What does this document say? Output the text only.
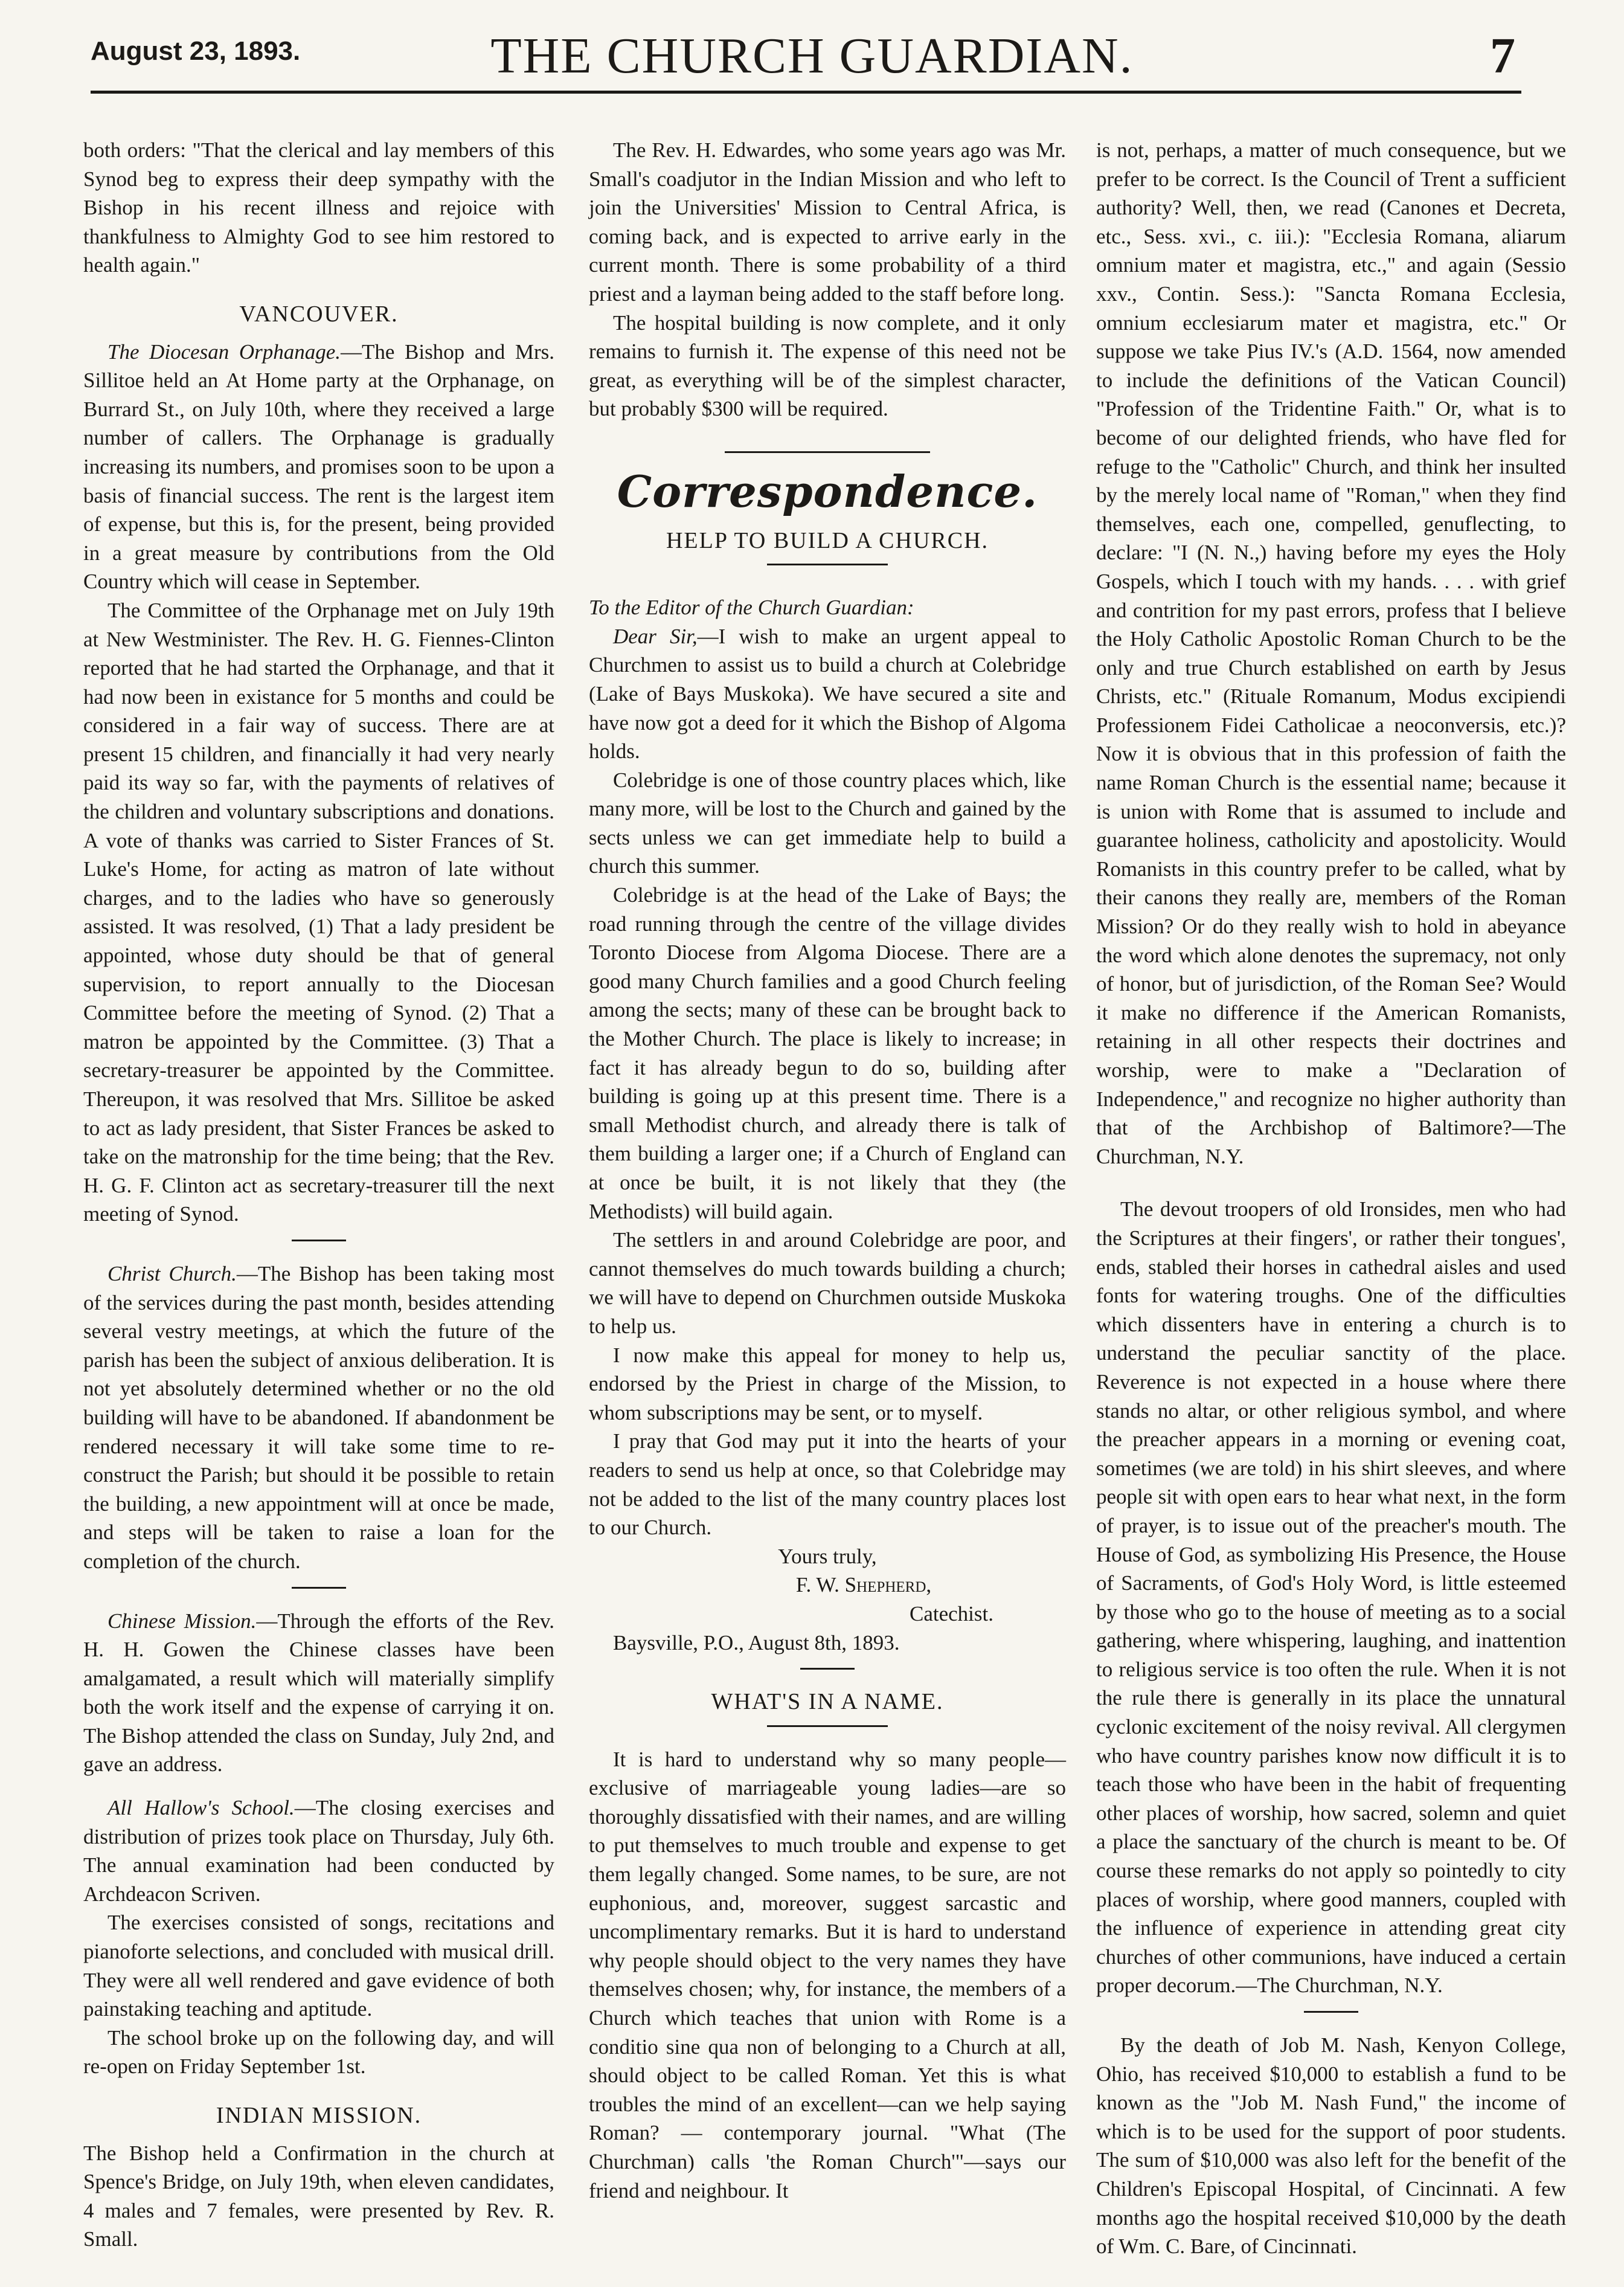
August 23, 1893.	THE CHURCH GUARDIAN.	7

both orders: "That the clerical and lay members of this Synod beg to express their deep sympathy with the Bishop in his recent illness and rejoice with thankfulness to Almighty God to see him restored to health again."

VANCOUVER.

The Diocesan Orphanage.—The Bishop and Mrs. Sillitoe held an At Home party at the Orphanage, on Burrard St., on July 10th, where they received a large number of callers. The Orphanage is gradually increasing its numbers, and promises soon to be upon a basis of financial success. The rent is the largest item of expense, but this is, for the present, being provided in a great measure by contributions from the Old Country which will cease in September.

The Committee of the Orphanage met on July 19th at New Westminister. The Rev. H. G. Fiennes-Clinton reported that he had started the Orphanage, and that it had now been in existance for 5 months and could be considered in a fair way of success. There are at present 15 children, and financially it had very nearly paid its way so far, with the payments of relatives of the children and voluntary subscriptions and donations. A vote of thanks was carried to Sister Frances of St. Luke's Home, for acting as matron of late without charges, and to the ladies who have so generously assisted. It was resolved, (1) That a lady president be appointed, whose duty should be that of general supervision, to report annually to the Diocesan Committee before the meeting of Synod. (2) That a matron be appointed by the Committee. (3) That a secretary-treasurer be appointed by the Committee. Thereupon, it was resolved that Mrs. Sillitoe be asked to act as lady president, that Sister Frances be asked to take on the matronship for the time being; that the Rev. H. G. F. Clinton act as secretary-treasurer till the next meeting of Synod.

Christ Church.—The Bishop has been taking most of the services during the past month, besides attending several vestry meetings, at which the future of the parish has been the subject of anxious deliberation. It is not yet absolutely determined whether or no the old building will have to be abandoned. If abandonment be rendered necessary it will take some time to re-construct the Parish; but should it be possible to retain the building, a new appointment will at once be made, and steps will be taken to raise a loan for the completion of the church.

Chinese Mission.—Through the efforts of the Rev. H. H. Gowen the Chinese classes have been amalgamated, a result which will materially simplify both the work itself and the expense of carrying it on. The Bishop attended the class on Sunday, July 2nd, and gave an address.

All Hallow's School.—The closing exercises and distribution of prizes took place on Thursday, July 6th. The annual examination had been conducted by Archdeacon Scriven.

The exercises consisted of songs, recitations and pianoforte selections, and concluded with musical drill. They were all well rendered and gave evidence of both painstaking teaching and aptitude.

The school broke up on the following day, and will re-open on Friday September 1st.

INDIAN MISSION.

The Bishop held a Confirmation in the church at Spence's Bridge, on July 19th, when eleven candidates, 4 males and 7 females, were presented by Rev. R. Small.

The Rev. H. Edwardes, who some years ago was Mr. Small's coadjutor in the Indian Mission and who left to join the Universities' Mission to Central Africa, is coming back, and is expected to arrive early in the current month. There is some probability of a third priest and a layman being added to the staff before long.

The hospital building is now complete, and it only remains to furnish it. The expense of this need not be great, as everything will be of the simplest character, but probably $300 will be required.

Correspondence.
HELP TO BUILD A CHURCH.

To the Editor of the Church Guardian:

Dear Sir,—I wish to make an urgent appeal to Churchmen to assist us to build a church at Colebridge (Lake of Bays Muskoka). We have secured a site and have now got a deed for it which the Bishop of Algoma holds.

Colebridge is one of those country places which, like many more, will be lost to the Church and gained by the sects unless we can get immediate help to build a church this summer.

Colebridge is at the head of the Lake of Bays; the road running through the centre of the village divides Toronto Diocese from Algoma Diocese. There are a good many Church families and a good Church feeling among the sects; many of these can be brought back to the Mother Church. The place is likely to increase; in fact it has already begun to do so, building after building is going up at this present time. There is a small Methodist church, and already there is talk of them building a larger one; if a Church of England can at once be built, it is not likely that they (the Methodists) will build again.

The settlers in and around Colebridge are poor, and cannot themselves do much towards building a church; we will have to depend on Churchmen outside Muskoka to help us.

I now make this appeal for money to help us, endorsed by the Priest in charge of the Mission, to whom subscriptions may be sent, or to myself.

I pray that God may put it into the hearts of your readers to send us help at once, so that Colebridge may not be added to the list of the many country places lost to our Church.

Yours truly,

F. W. Shepherd,

Catechist.

Baysville, P.O., August 8th, 1893.

WHAT'S IN A NAME.

It is hard to understand why so many people—exclusive of marriageable young ladies—are so thoroughly dissatisfied with their names, and are willing to put themselves to much trouble and expense to get them legally changed. Some names, to be sure, are not euphonious, and, moreover, suggest sarcastic and uncomplimentary remarks. But it is hard to understand why people should object to the very names they have themselves chosen; why, for instance, the members of a Church which teaches that union with Rome is a conditio sine qua non of belonging to a Church at all, should object to be called Roman. Yet this is what troubles the mind of an excellent—can we help saying Roman? — contemporary journal. "What (The Churchman) calls 'the Roman Church'"—says our friend and neighbour. It

is not, perhaps, a matter of much consequence, but we prefer to be correct. Is the Council of Trent a sufficient authority? Well, then, we read (Canones et Decreta, etc., Sess. xvi., c. iii.): "Ecclesia Romana, aliarum omnium mater et magistra, etc.," and again (Sessio xxv., Contin. Sess.): "Sancta Romana Ecclesia, omnium ecclesiarum mater et magistra, etc." Or suppose we take Pius IV.'s (A.D. 1564, now amended to include the definitions of the Vatican Council) "Profession of the Tridentine Faith." Or, what is to become of our delighted friends, who have fled for refuge to the "Catholic" Church, and think her insulted by the merely local name of "Roman," when they find themselves, each one, compelled, genuflecting, to declare: "I (N. N.,) having before my eyes the Holy Gospels, which I touch with my hands. . . . with grief and contrition for my past errors, profess that I believe the Holy Catholic Apostolic Roman Church to be the only and true Church established on earth by Jesus Christs, etc." (Rituale Romanum, Modus excipiendi Professionem Fidei Catholicae a neoconversis, etc.)? Now it is obvious that in this profession of faith the name Roman Church is the essential name; because it is union with Rome that is assumed to include and guarantee holiness, catholicity and apostolicity. Would Romanists in this country prefer to be called, what by their canons they really are, members of the Roman Mission? Or do they really wish to hold in abeyance the word which alone denotes the supremacy, not only of honor, but of jurisdiction, of the Roman See? Would it make no difference if the American Romanists, retaining in all other respects their doctrines and worship, were to make a "Declaration of Independence," and recognize no higher authority than that of the Archbishop of Baltimore?—The Churchman, N.Y.

The devout troopers of old Ironsides, men who had the Scriptures at their fingers', or rather their tongues', ends, stabled their horses in cathedral aisles and used fonts for watering troughs. One of the difficulties which dissenters have in entering a church is to understand the peculiar sanctity of the place. Reverence is not expected in a house where there stands no altar, or other religious symbol, and where the preacher appears in a morning or evening coat, sometimes (we are told) in his shirt sleeves, and where people sit with open ears to hear what next, in the form of prayer, is to issue out of the preacher's mouth. The House of God, as symbolizing His Presence, the House of Sacraments, of God's Holy Word, is little esteemed by those who go to the house of meeting as to a social gathering, where whispering, laughing, and inattention to religious service is too often the rule. When it is not the rule there is generally in its place the unnatural cyclonic excitement of the noisy revival. All clergymen who have country parishes know now difficult it is to teach those who have been in the habit of frequenting other places of worship, how sacred, solemn and quiet a place the sanctuary of the church is meant to be. Of course these remarks do not apply so pointedly to city places of worship, where good manners, coupled with the influence of experience in attending great city churches of other communions, have induced a certain proper decorum.—The Churchman, N.Y.

By the death of Job M. Nash, Kenyon College, Ohio, has received $10,000 to establish a fund to be known as the "Job M. Nash Fund," the income of which is to be used for the support of poor students. The sum of $10,000 was also left for the benefit of the Children's Episcopal Hospital, of Cincinnati. A few months ago the hospital received $10,000 by the death of Wm. C. Bare, of Cincinnati.
